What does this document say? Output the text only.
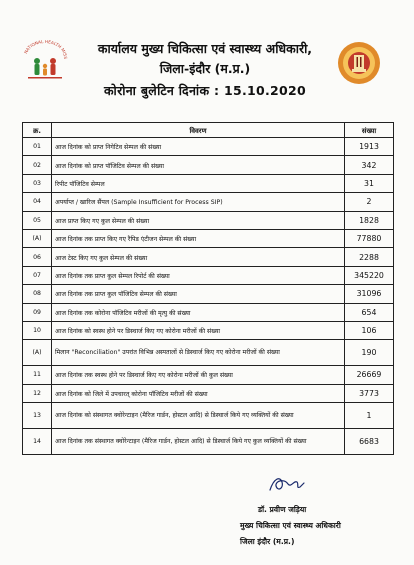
NATIONAL HEALTH MISS
कार्यालय मुख्य चिकित्सा एवं स्वास्थ्य अधिकारी,
जिला-इंदौर (म.प्र.)
कोरोना बुलेटिन दिनांक : 15.10.2020
क्र.	विवरण	संख्या
01	आज दिनांक को प्राप्त निगेटिव सेम्पल की संख्या	1913
02	आज दिनांक को प्राप्त पॉजिटिव सेम्पल की संख्या	342
03	रिपीट पॉजिटिव सेम्पल	31
04	अपर्याप्त / खारिज सैंपल (Sample Insufficient for Process SIP)	2
05	आज प्राप्त किए गए कुल सेम्पल की संख्या	1828
(A)	आज दिनांक तक प्राप्त किए गए रैपिड एंटीजन सेम्पल की संख्या	77880
06	आज टेस्ट किए गए कुल सेम्पल की संख्या	2288
07	आज दिनांक तक प्राप्त कुल सेम्पल रिपोर्ट की संख्या	345220
08	आज दिनांक तक प्राप्त कुल पॉजिटिव सेम्पल की संख्या	31096
09	आज दिनांक तक कोरोना पॉजिटिव मरीजों की मृत्यु की संख्या	654
10	आज दिनांक को स्वस्थ होने पर डिस्चार्ज किए गए कोरोना मरीजों की संख्या	106
(A)	मिलान "Reconciliation" उपरांत विभिन्न अस्पतालों से डिस्चार्ज किए गए कोरोना मरीजों की संख्या	190
11	आज दिनांक तक स्वस्थ होने पर डिस्चार्ज किए गए कोरोना मरीजों की कुल संख्या	26669
12	आज दिनांक को जिले में उपचारत् कोरोना पॉजिटिव मरीजों की संख्या	3773
13	आज दिनांक को संस्थागत क्वोरेन्टाइन (मैरिज गार्डन, होस्टल आदि) से डिस्चार्ज किये गए व्यक्तियों की संख्या	1
14	आज दिनांक तक संस्थागत क्वोरेन्टाइन (मैरिज गार्डन, होस्टल आदि) से डिस्चार्ज किये गए कुल व्यक्तियों की संख्या	6683
डॉ. प्रवीण जड़िया
मुख्य चिकित्सा एवं स्वास्थ्य अधिकारी
जिला इंदौर (म.प्र.)
